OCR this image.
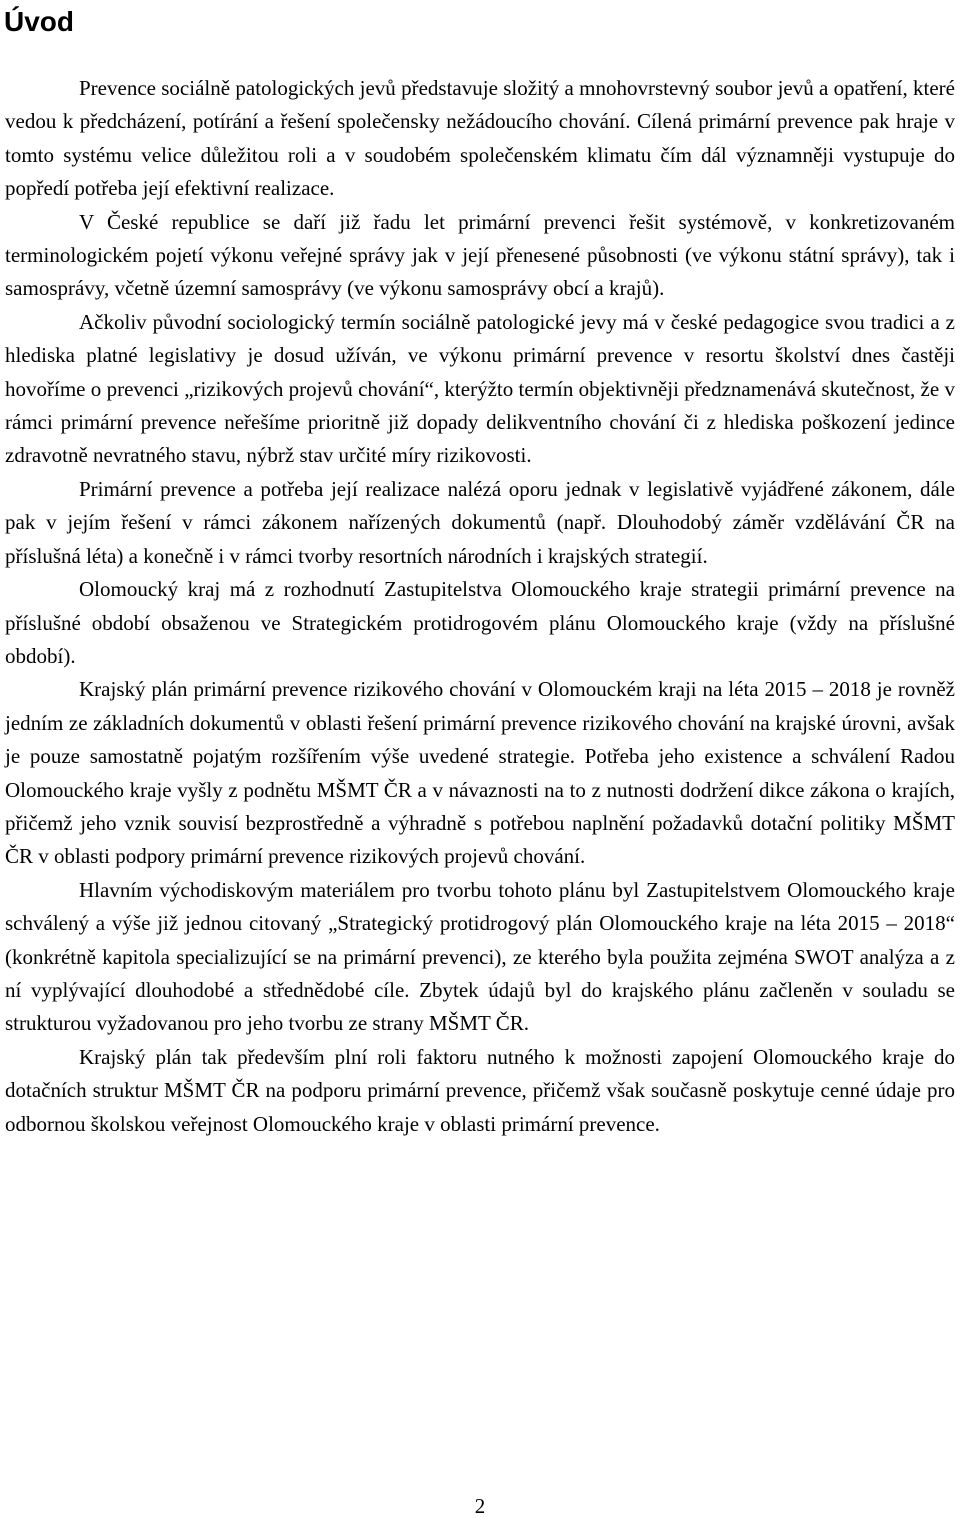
Úvod

Prevence sociálně patologických jevů představuje složitý a mnohovrstevný soubor jevů a opatření, které vedou k předcházení, potírání a řešení společensky nežádoucího chování. Cílená primární prevence pak hraje v tomto systému velice důležitou roli a v soudobém společenském klimatu čím dál významněji vystupuje do popředí potřeba její efektivní realizace.

V České republice se daří již řadu let primární prevenci řešit systémově, v konkretizovaném terminologickém pojetí výkonu veřejné správy jak v její přenesené působnosti (ve výkonu státní správy), tak i samosprávy, včetně územní samosprávy (ve výkonu samosprávy obcí a krajů).

Ačkoliv původní sociologický termín sociálně patologické jevy má v české pedagogice svou tradici a z hlediska platné legislativy je dosud užíván, ve výkonu primární prevence v resortu školství dnes častěji hovoříme o prevenci „rizikových projevů chování“, kterýžto termín objektivněji předznamenává skutečnost, že v rámci primární prevence neřešíme prioritně již dopady delikventního chování či z hlediska poškození jedince zdravotně nevratného stavu, nýbrž stav určité míry rizikovosti.

Primární prevence a potřeba její realizace nalézá oporu jednak v legislativě vyjádřené zákonem, dále pak v jejím řešení v rámci zákonem nařízených dokumentů (např. Dlouhodobý záměr vzdělávání ČR na příslušná léta) a konečně i v rámci tvorby resortních národních i krajských strategií.

Olomoucký kraj má z rozhodnutí Zastupitelstva Olomouckého kraje strategii primární prevence na příslušné období obsaženou ve Strategickém protidrogovém plánu Olomouckého kraje (vždy na příslušné období).

Krajský plán primární prevence rizikového chování v Olomouckém kraji na léta 2015 – 2018 je rovněž jedním ze základních dokumentů v oblasti řešení primární prevence rizikového chování na krajské úrovni, avšak je pouze samostatně pojatým rozšířením výše uvedené strategie. Potřeba jeho existence a schválení Radou Olomouckého kraje vyšly z podnětu MŠMT ČR a v návaznosti na to z nutnosti dodržení dikce zákona o krajích, přičemž jeho vznik souvisí bezprostředně a výhradně s potřebou naplnění požadavků dotační politiky MŠMT ČR v oblasti podpory primární prevence rizikových projevů chování.

Hlavním východiskovým materiálem pro tvorbu tohoto plánu byl Zastupitelstvem Olomouckého kraje schválený a výše již jednou citovaný „Strategický protidrogový plán Olomouckého kraje na léta 2015 – 2018“ (konkrétně kapitola specializující se na primární prevenci), ze kterého byla použita zejména SWOT analýza a z ní vyplývající dlouhodobé a střednědobé cíle. Zbytek údajů byl do krajského plánu začleněn v souladu se strukturou vyžadovanou pro jeho tvorbu ze strany MŠMT ČR.

Krajský plán tak především plní roli faktoru nutného k možnosti zapojení Olomouckého kraje do dotačních struktur MŠMT ČR na podporu primární prevence, přičemž však současně poskytuje cenné údaje pro odbornou školskou veřejnost Olomouckého kraje v oblasti primární prevence.

2
